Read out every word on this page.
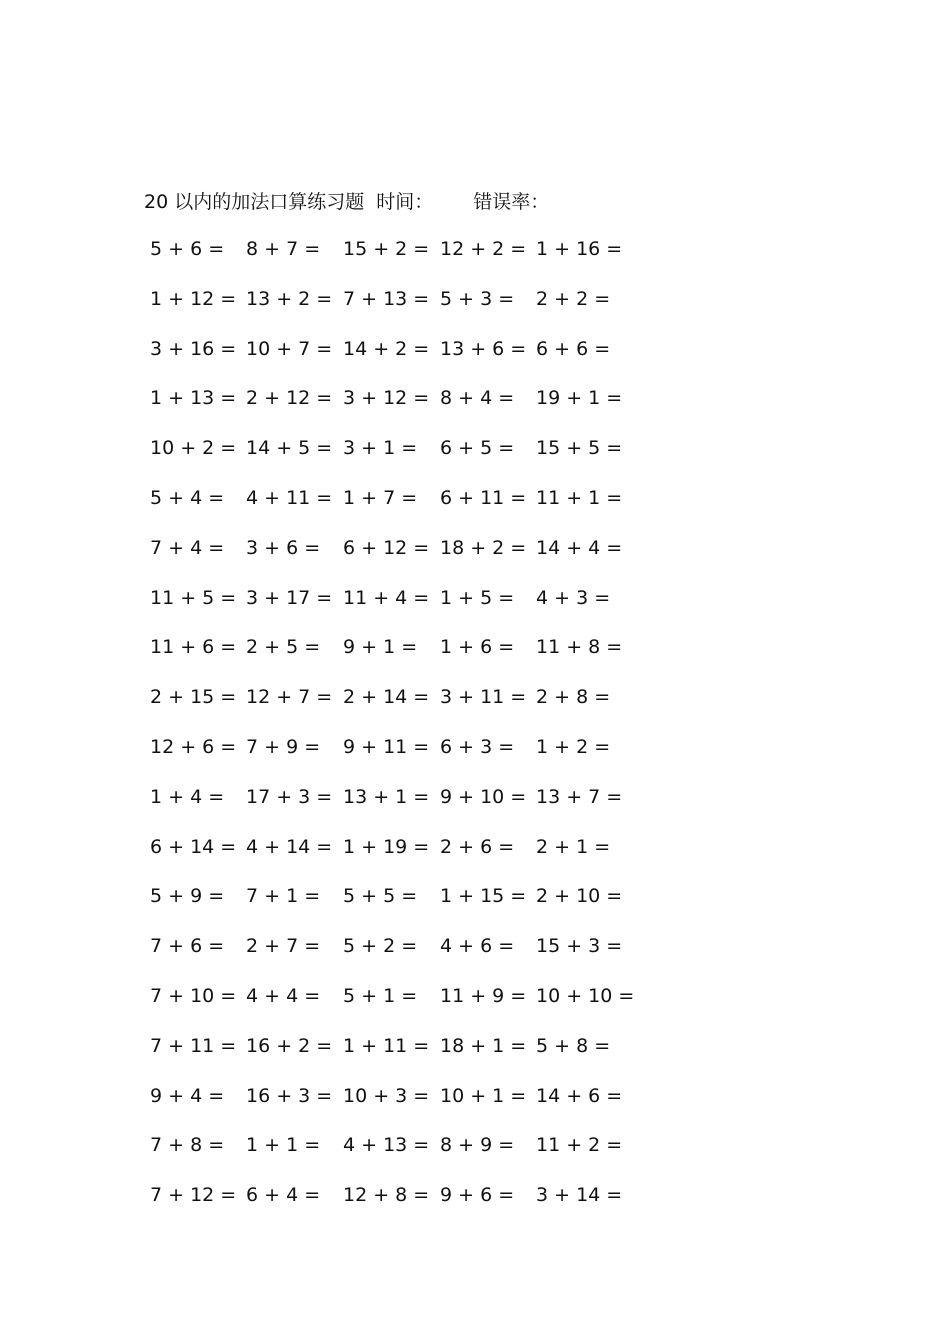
20 以内的加法口算练习题 时间： 错误率：
5 + 6 = 8 + 7 = 15 + 2 = 12 + 2 = 1 + 16 =
1 + 12 = 13 + 2 = 7 + 13 = 5 + 3 = 2 + 2 =
3 + 16 = 10 + 7 = 14 + 2 = 13 + 6 = 6 + 6 =
1 + 13 = 2 + 12 = 3 + 12 = 8 + 4 = 19 + 1 =
10 + 2 = 14 + 5 = 3 + 1 = 6 + 5 = 15 + 5 =
5 + 4 = 4 + 11 = 1 + 7 = 6 + 11 = 11 + 1 =
7 + 4 = 3 + 6 = 6 + 12 = 18 + 2 = 14 + 4 =
11 + 5 = 3 + 17 = 11 + 4 = 1 + 5 = 4 + 3 =
11 + 6 = 2 + 5 = 9 + 1 = 1 + 6 = 11 + 8 =
2 + 15 = 12 + 7 = 2 + 14 = 3 + 11 = 2 + 8 =
12 + 6 = 7 + 9 = 9 + 11 = 6 + 3 = 1 + 2 =
1 + 4 = 17 + 3 = 13 + 1 = 9 + 10 = 13 + 7 =
6 + 14 = 4 + 14 = 1 + 19 = 2 + 6 = 2 + 1 =
5 + 9 = 7 + 1 = 5 + 5 = 1 + 15 = 2 + 10 =
7 + 6 = 2 + 7 = 5 + 2 = 4 + 6 = 15 + 3 =
7 + 10 = 4 + 4 = 5 + 1 = 11 + 9 = 10 + 10 =
7 + 11 = 16 + 2 = 1 + 11 = 18 + 1 = 5 + 8 =
9 + 4 = 16 + 3 = 10 + 3 = 10 + 1 = 14 + 6 =
7 + 8 = 1 + 1 = 4 + 13 = 8 + 9 = 11 + 2 =
7 + 12 = 6 + 4 = 12 + 8 = 9 + 6 = 3 + 14 =
